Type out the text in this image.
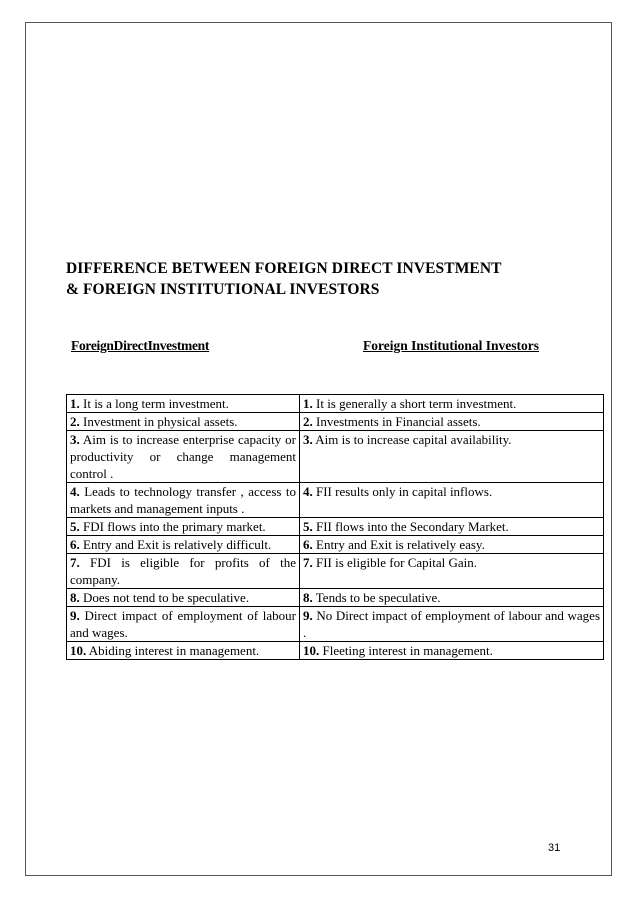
DIFFERENCE BETWEEN FOREIGN DIRECT INVESTMENT
& FOREIGN INSTITUTIONAL INVESTORS
ForeignDirectInvestment	Foreign Institutional Investors
1. It is a long term investment.	1. It is generally a short term investment.
2. Investment in physical assets.	2. Investments in Financial assets.
3. Aim is to increase enterprise capacity or productivity or change management control .	3. Aim is to increase capital availability.
4. Leads to technology transfer , access to markets and management inputs .	4. FII results only in capital inflows.
5. FDI flows into the primary market.	5. FII flows into the Secondary Market.
6. Entry and Exit is relatively difficult.	6. Entry and Exit is relatively easy.
7. FDI is eligible for profits of the company.	7. FII is eligible for Capital Gain.
8. Does not tend to be speculative.	8. Tends to be speculative.
9. Direct impact of employment of labour and wages.	9. No Direct impact of employment of labour and wages .
10. Abiding interest in management.	10. Fleeting interest in management.
31
